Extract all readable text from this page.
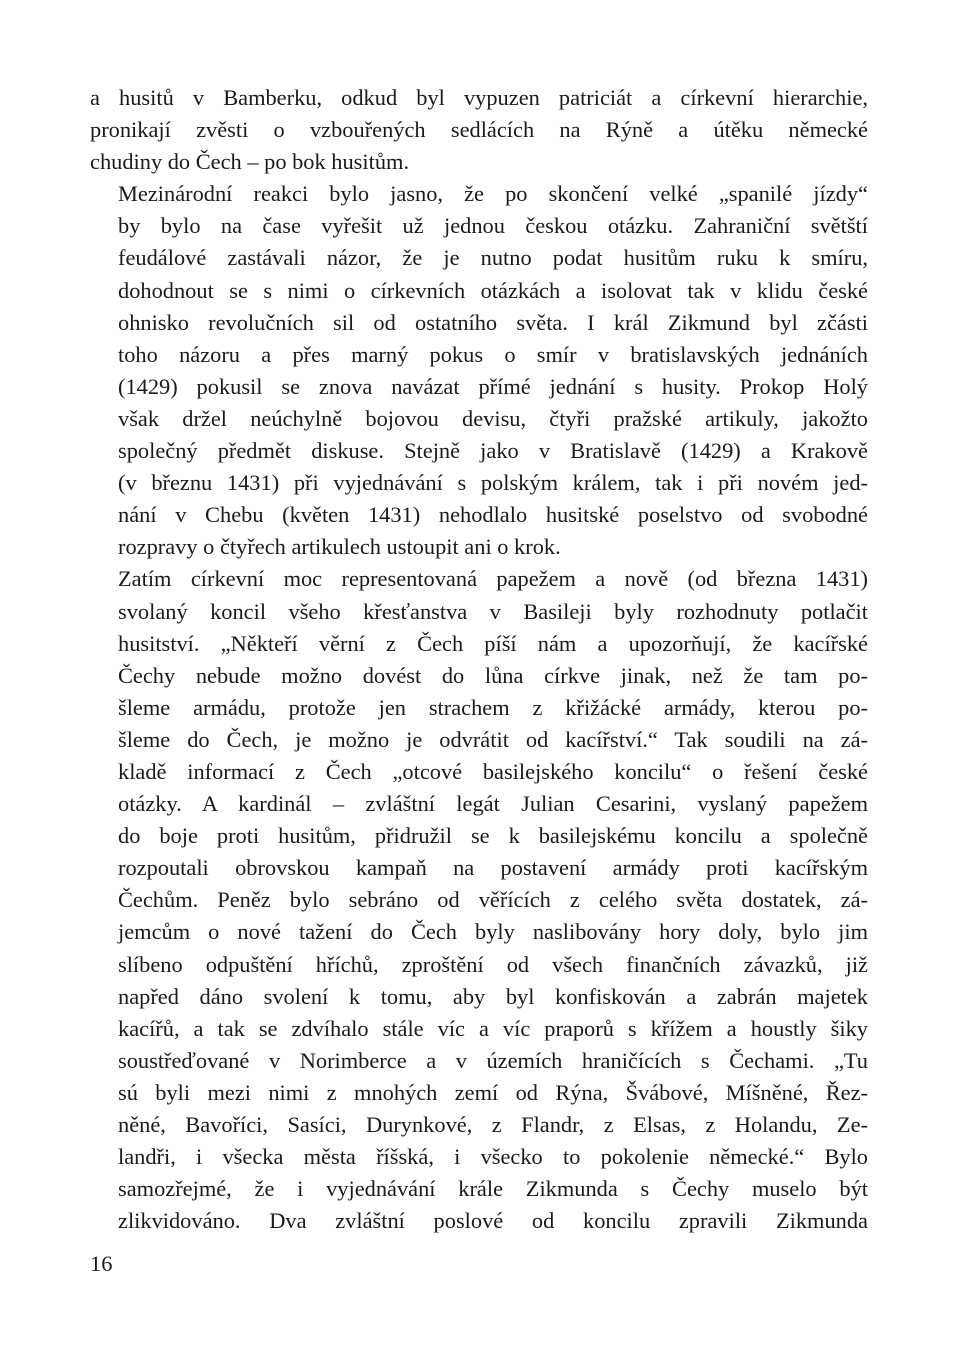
a husitů v Bamberku, odkud byl vypuzen patriciát a církevní hierarchie,
pronikají zvěsti o vzbouřených sedlácích na Rýně a útěku německé
chudiny do Čech – po bok husitům.

Mezinárodní reakci bylo jasno, že po skončení velké „spanilé jízdy“
by bylo na čase vyřešit už jednou českou otázku. Zahraniční světští
feudálové zastávali názor, že je nutno podat husitům ruku k smíru,
dohodnout se s nimi o církevních otázkách a isolovat tak v klidu české
ohnisko revolučních sil od ostatního světa. I král Zikmund byl zčásti
toho názoru a přes marný pokus o smír v bratislavských jednáních
(1429) pokusil se znova navázat přímé jednání s husity. Prokop Holý
však držel neúchylně bojovou devisu, čtyři pražské artikuly, jakožto
společný předmět diskuse. Stejně jako v Bratislavě (1429) a Krakově
(v březnu 1431) při vyjednávání s polským králem, tak i při novém jed-
nání v Chebu (květen 1431) nehodlalo husitské poselstvo od svobodné
rozpravy o čtyřech artikulech ustoupit ani o krok.

Zatím církevní moc representovaná papežem a nově (od března 1431)
svolaný koncil všeho křesťanstva v Basileji byly rozhodnuty potlačit
husitství. „Někteří věrní z Čech píší nám a upozorňují, že kacířské
Čechy nebude možno dovést do lůna církve jinak, než že tam po-
šleme armádu, protože jen strachem z křižácké armády, kterou po-
šleme do Čech, je možno je odvrátit od kacířství.“ Tak soudili na zá-
kladě informací z Čech „otcové basilejského koncilu“ o řešení české
otázky. A kardinál – zvláštní legát Julian Cesarini, vyslaný papežem
do boje proti husitům, přidružil se k basilejskému koncilu a společně
rozpoutali obrovskou kampaň na postavení armády proti kacířským
Čechům. Peněz bylo sebráno od věřících z celého světa dostatek, zá-
jemcům o nové tažení do Čech byly naslibovány hory doly, bylo jim
slíbeno odpuštění hříchů, zproštění od všech finančních závazků, již
napřed dáno svolení k tomu, aby byl konfiskován a zabrán majetek
kacířů, a tak se zdvíhalo stále víc a víc praporů s křížem a houstly šiky
soustřeďované v Norimberce a v územích hraničících s Čechami. „Tu
sú byli mezi nimi z mnohých zemí od Rýna, Švábové, Míšněné, Řez-
něné, Bavoříci, Sasíci, Durynkové, z Flandr, z Elsas, z Holandu, Ze-
landři, i všecka města říšská, i všecko to pokolenie německé.“ Bylo
samozřejmé, že i vyjednávání krále Zikmunda s Čechy muselo být
zlikvidováno. Dva zvláštní poslové od koncilu zpravili Zikmunda

16
